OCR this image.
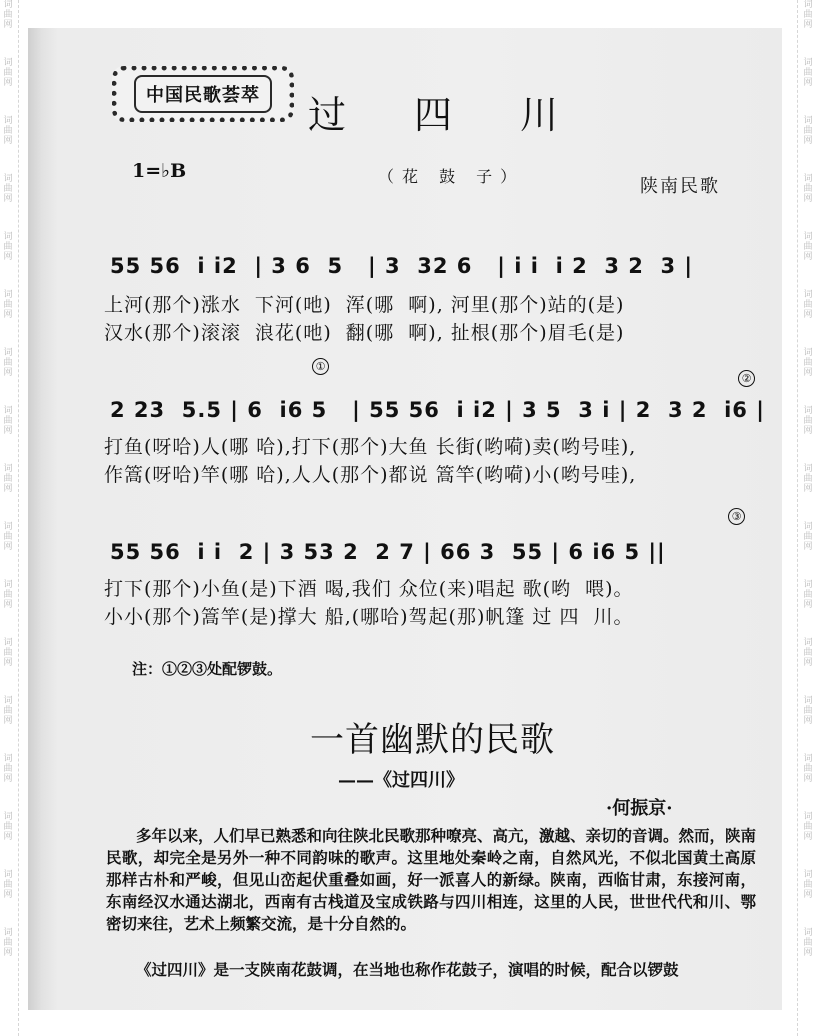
词
曲
网
词
曲
网
词
曲
网
词
曲
网
词
曲
网
词
曲
网
词
曲
网
词
曲
网
词
曲
网
词
曲
网
词
曲
网
词
曲
网
词
曲
网
词
曲
网
词
曲
网
词
曲
网
词
曲
网
词
曲
网
词
曲
网
词
曲
网
词
曲
网
词
曲
网
词
曲
网
词
曲
网
词
曲
网
词
曲
网
词
曲
网
词
曲
网
词
曲
网
词
曲
网
词
曲
网
词
曲
网
词
曲
网
词
曲
网
中国民歌荟萃	过 四 川
1=♭B	（花 鼓 子）	陕南民歌
55 56  i i2  | 3 6  5   | 3  32 6   | i i  i 2  3 2  3 |
上河(那个)涨水  下河(吔)  浑(哪  啊), 河里(那个)站的(是)
汉水(那个)滚滚  浪花(吔)  翻(哪  啊), 扯根(那个)眉毛(是)
2 23  5.5 | 6  i6 5   | 55 56  i i2 | 3 5  3 i | 2  3 2  i6 |
打鱼(呀哈)人(哪 哈),打下(那个)大鱼 长街(哟嗬)卖(哟号哇),
作篙(呀哈)竿(哪 哈),人人(那个)都说 篙竿(哟嗬)小(哟号哇),
55 56  i i  2 | 3 53 2  2 7 | 66 3  55 | 6 i6 5 ||
打下(那个)小鱼(是)下酒 喝,我们 众位(来)唱起 歌(哟  喂)。
小小(那个)篙竿(是)撑大 船,(哪哈)驾起(那)帆篷 过 四  川。
①
②
③
注：①②③处配锣鼓。
一首幽默的民歌
——《过四川》
·何振京·
多年以来，人们早已熟悉和向往陕北民歌那种嘹亮、高亢，激越、亲切的音调。然而，陕南民歌，却完全是另外一种不同韵味的歌声。这里地处秦岭之南，自然风光，不似北国黄土高原那样古朴和严峻，但见山峦起伏重叠如画，好一派喜人的新绿。陕南，西临甘肃，东接河南，东南经汉水通达湖北，西南有古栈道及宝成铁路与四川相连，这里的人民，世世代代和川、鄂密切来往，艺术上频繁交流，是十分自然的。
《过四川》是一支陕南花鼓调，在当地也称作花鼓子，演唱的时候，配合以锣鼓
